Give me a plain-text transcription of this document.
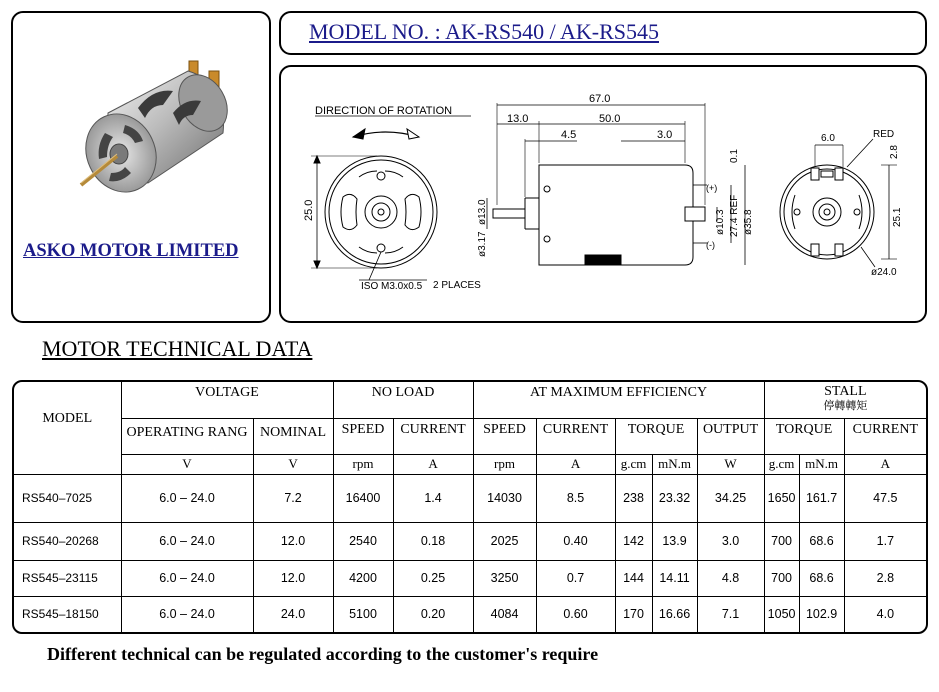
ASKO MOTOR LIMITED
MODEL NO. : AK-RS540 / AK-RS545
DIRECTION OF ROTATION
25.0
ISO M3.0x0.5 2 PLACES
(+)
(-)
67.0
13.0	50.0
4.5	3.0
0.1
ø13.0
ø3.17
ø10.3 27.4 REF ø35.8
6.0	RED
2.8
25.1
ø24.0
MOTOR TECHNICAL DATA
MODEL	VOLTAGE		NO LOAD		AT MAXIMUM EFFICIENCY					STALL
停轉轉矩		
	OPERATING RANG	NOMINAL	SPEED	CURRENT	SPEED	CURRENT	TORQUE		OUTPUT	TORQUE		CURRENT
	V	V	rpm	A	rpm	A	g.cm	mN.m	W	g.cm	mN.m	A
RS540–7025	6.0 – 24.0	7.2	16400	1.4	14030	8.5	238	23.32	34.25	1650	161.7	47.5
RS540–20268	6.0 – 24.0	12.0	2540	0.18	2025	0.40	142	13.9	3.0	700	68.6	1.7
RS545–23115	6.0 – 24.0	12.0	4200	0.25	3250	0.7	144	14.11	4.8	700	68.6	2.8
RS545–18150	6.0 – 24.0	24.0	5100	0.20	4084	0.60	170	16.66	7.1	1050	102.9	4.0
Different technical can be regulated according to the customer's require
